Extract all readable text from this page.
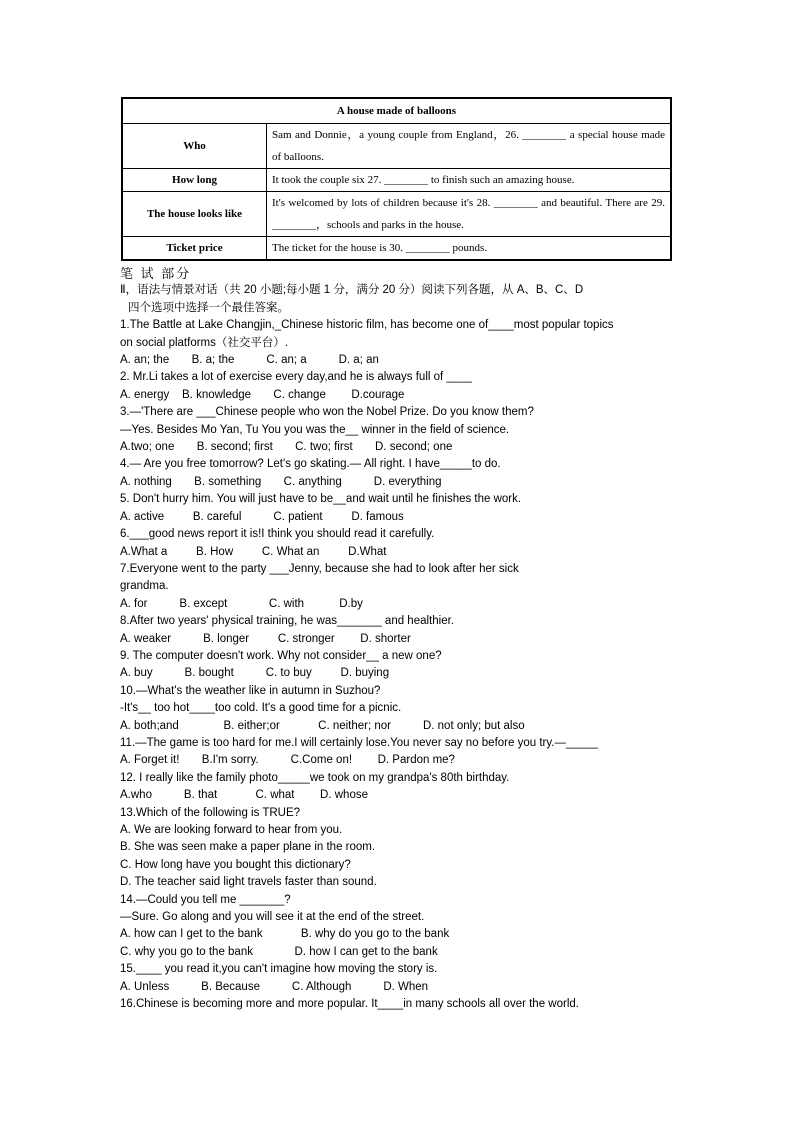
A house made of balloons	
Who	Sam and Donnie，a young couple from England，26. ________ a special house made of balloons.
How long	It took the couple six 27. ________ to finish such an amazing house.
The house looks like	It's welcomed by lots of children because it's 28. ________ and beautiful. There are 29. ________，schools and parks in the house.
Ticket price	The ticket for the house is 30. ________ pounds.
笔 试 部分
Ⅱ，语法与情景对话（共 20 小题;每小题 1 分，满分 20 分）阅读下列各题，从 A、B、C、D
四个选项中选择一个最佳答案。
1.The Battle at Lake Changjin,_Chinese historic film, has become one of____most popular topics
on social platforms（社交平台）.
A. an; the       B. a; the          C. an; a          D. a; an
2. Mr.Li takes a lot of exercise every day,and he is always full of ____
A. energy    B. knowledge       C. change        D.courage
3.—'There are ___Chinese people who won the Nobel Prize. Do you know them?
—Yes. Besides Mo Yan, Tu You you was the__ winner in the field of science.
A.two; one       B. second; first       C. two; first       D. second; one
4.— Are you free tomorrow? Let's go skating.— All right. I have_____to do.
A. nothing       B. something       C. anything          D. everything
5. Don't hurry him. You will just have to be__and wait until he finishes the work.
A. active         B. careful          C. patient         D. famous
6.___good news report it is!I think you should read it carefully.
A.What a         B. How         C. What an         D.What
7.Everyone went to the party ___Jenny, because she had to look after her sick
grandma.
A. for          B. except             C. with           D.by
8.After two years' physical training, he was_______ and healthier.
A. weaker          B. longer         C. stronger        D. shorter
9. The computer doesn't work. Why not consider__ a new one?
A. buy          B. bought          C. to buy         D. buying
10.—What's the weather like in autumn in Suzhou?
-It's__ too hot____too cold. It's a good time for a picnic.
A. both;and              B. either;or            C. neither; nor          D. not only; but also
11.—The game is too hard for me.I will certainly lose.You never say no before you try.—_____
A. Forget it!       B.I'm sorry.          C.Come on!        D. Pardon me?
12. I really like the family photo_____we took on my grandpa's 80th birthday.
A.who          B. that            C. what        D. whose
13.Which of the following is TRUE?
A. We are looking forward to hear from you.
B. She was seen make a paper plane in the room.
C. How long have you bought this dictionary?
D. The teacher said light travels faster than sound.
14.—Could you tell me _______?
—Sure. Go along and you will see it at the end of the street.
A. how can I get to the bank            B. why do you go to the bank
C. why you go to the bank             D. how I can get to the bank
15.____ you read it,you can't imagine how moving the story is.
A. Unless          B. Because          C. Although          D. When
16.Chinese is becoming more and more popular. It____in many schools all over the world.
